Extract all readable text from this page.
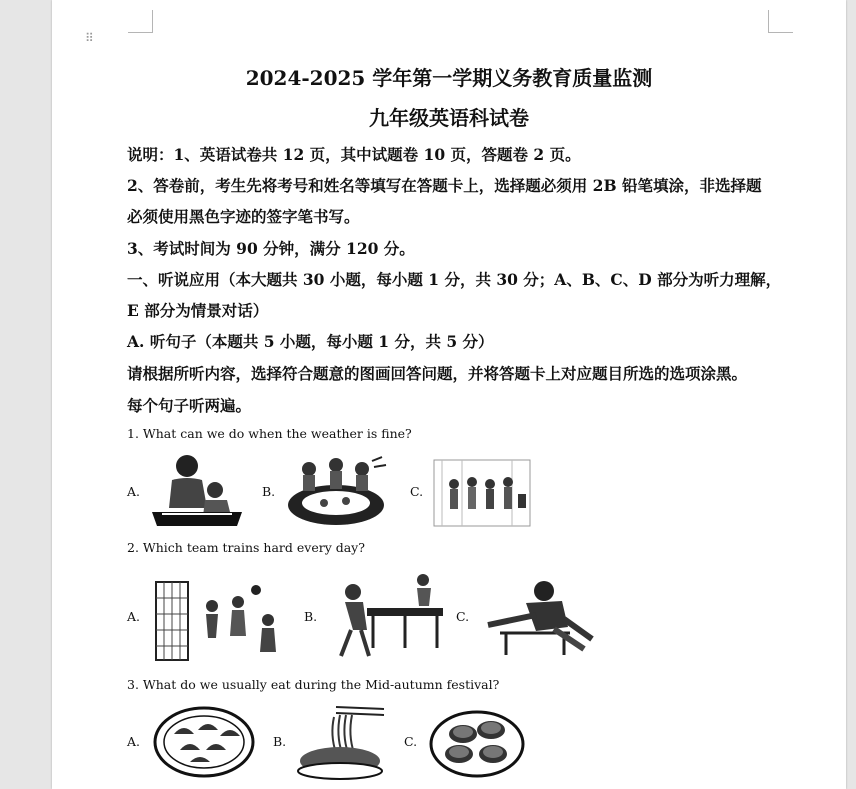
⠿
2024-2025 学年第一学期义务教育质量监测
九年级英语科试卷
说明：1、英语试卷共 12 页，其中试题卷 10 页，答题卷 2 页。
2、答卷前，考生先将考号和姓名等填写在答题卡上，选择题必须用 2B 铅笔填涂，非选择题
必须使用黑色字迹的签字笔书写。
3、考试时间为 90 分钟，满分 120 分。
一、听说应用（本大题共 30 小题，每小题 1 分，共 30 分；A、B、C、D 部分为听力理解，
E 部分为情景对话）
A. 听句子（本题共 5 小题，每小题 1 分，共 5 分）
请根据所听内容，选择符合题意的图画回答问题，并将答题卡上对应题目所选的选项涂黑。
每个句子听两遍。
1. What can we do when the weather is fine?
A.	B.	C.
2. Which team trains hard every day?
A.	B.	C.
3. What do we usually eat during the Mid-autumn festival?
A.	B.	C.
